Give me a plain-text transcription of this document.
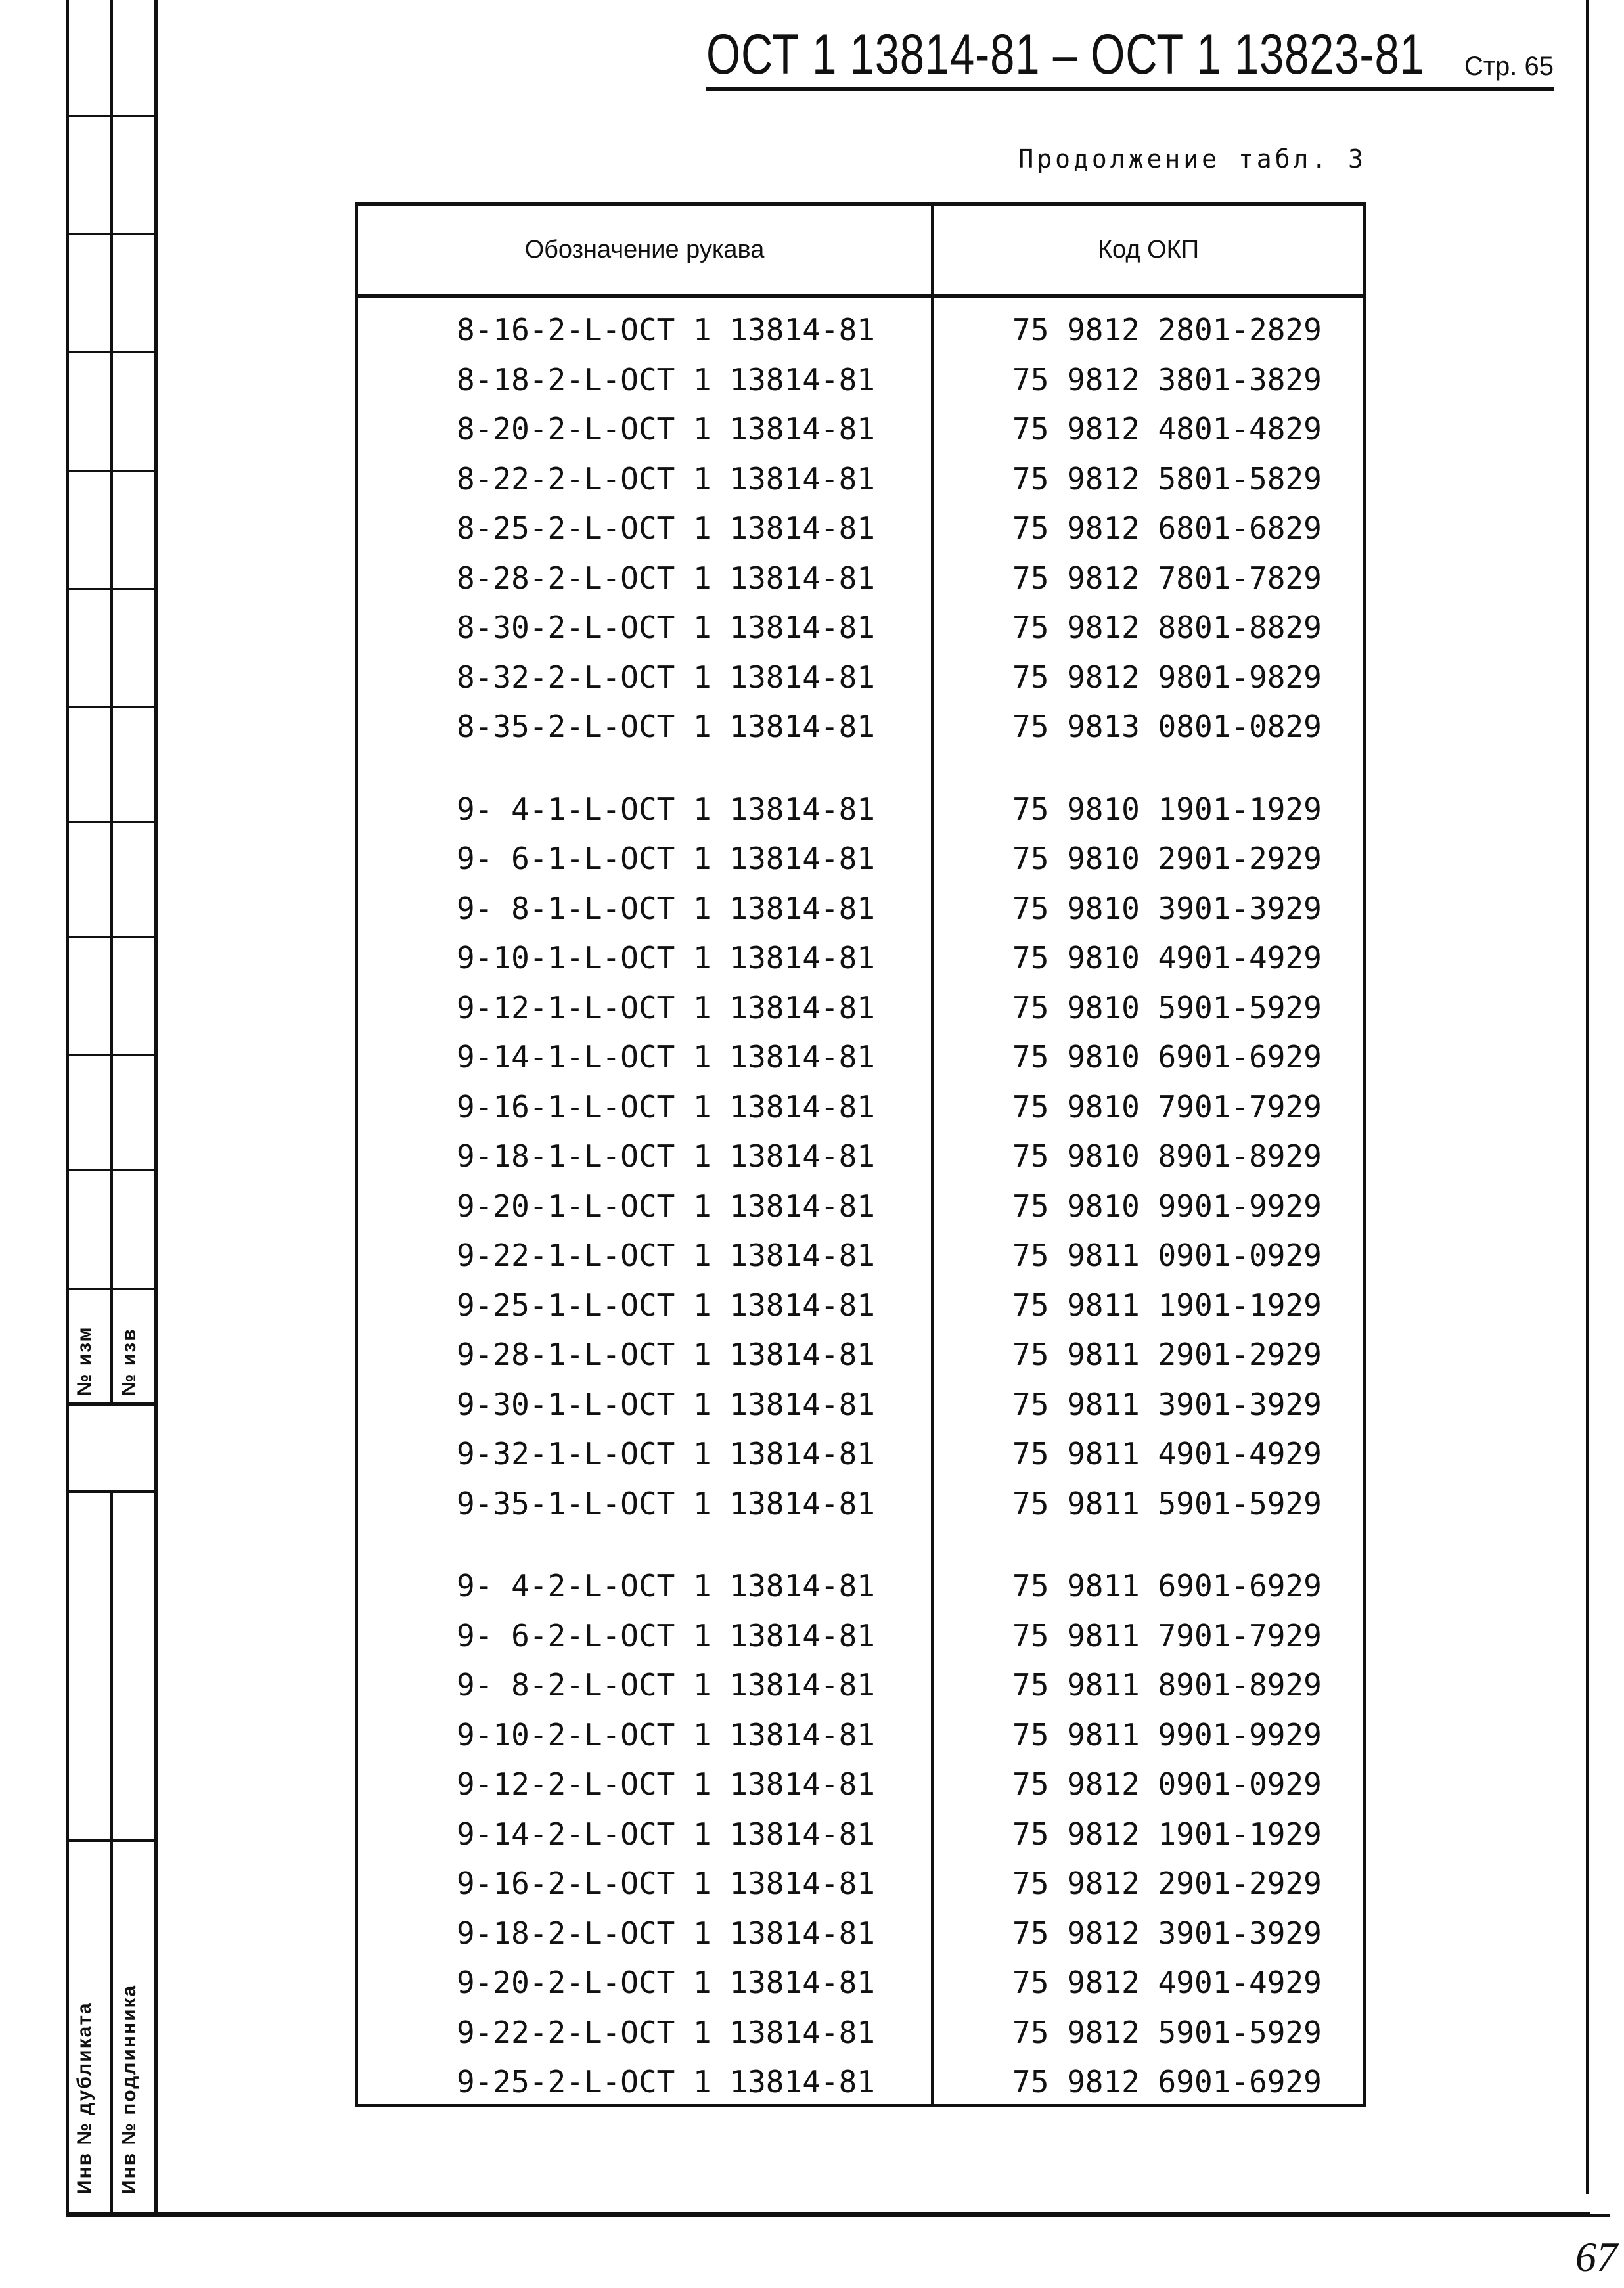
ОСТ 1 13814-81 – ОСТ 1 13823-81 Стр. 65
Продолжение табл. 3
№ изм № изв
Инв № дубликата Инв № подлинника
Обозначение рукава	Код ОКП
8-16-2-L-ОСТ 1 13814-81	75 9812 2801-2829
8-18-2-L-ОСТ 1 13814-81	75 9812 3801-3829
8-20-2-L-ОСТ 1 13814-81	75 9812 4801-4829
8-22-2-L-ОСТ 1 13814-81	75 9812 5801-5829
8-25-2-L-ОСТ 1 13814-81	75 9812 6801-6829
8-28-2-L-ОСТ 1 13814-81	75 9812 7801-7829
8-30-2-L-ОСТ 1 13814-81	75 9812 8801-8829
8-32-2-L-ОСТ 1 13814-81	75 9812 9801-9829
8-35-2-L-ОСТ 1 13814-81	75 9813 0801-0829
9- 4-1-L-ОСТ 1 13814-81	75 9810 1901-1929
9- 6-1-L-ОСТ 1 13814-81	75 9810 2901-2929
9- 8-1-L-ОСТ 1 13814-81	75 9810 3901-3929
9-10-1-L-ОСТ 1 13814-81	75 9810 4901-4929
9-12-1-L-ОСТ 1 13814-81	75 9810 5901-5929
9-14-1-L-ОСТ 1 13814-81	75 9810 6901-6929
9-16-1-L-ОСТ 1 13814-81	75 9810 7901-7929
9-18-1-L-ОСТ 1 13814-81	75 9810 8901-8929
9-20-1-L-ОСТ 1 13814-81	75 9810 9901-9929
9-22-1-L-ОСТ 1 13814-81	75 9811 0901-0929
9-25-1-L-ОСТ 1 13814-81	75 9811 1901-1929
9-28-1-L-ОСТ 1 13814-81	75 9811 2901-2929
9-30-1-L-ОСТ 1 13814-81	75 9811 3901-3929
9-32-1-L-ОСТ 1 13814-81	75 9811 4901-4929
9-35-1-L-ОСТ 1 13814-81	75 9811 5901-5929
9- 4-2-L-ОСТ 1 13814-81	75 9811 6901-6929
9- 6-2-L-ОСТ 1 13814-81	75 9811 7901-7929
9- 8-2-L-ОСТ 1 13814-81	75 9811 8901-8929
9-10-2-L-ОСТ 1 13814-81	75 9811 9901-9929
9-12-2-L-ОСТ 1 13814-81	75 9812 0901-0929
9-14-2-L-ОСТ 1 13814-81	75 9812 1901-1929
9-16-2-L-ОСТ 1 13814-81	75 9812 2901-2929
9-18-2-L-ОСТ 1 13814-81	75 9812 3901-3929
9-20-2-L-ОСТ 1 13814-81	75 9812 4901-4929
9-22-2-L-ОСТ 1 13814-81	75 9812 5901-5929
9-25-2-L-ОСТ 1 13814-81	75 9812 6901-6929
67
